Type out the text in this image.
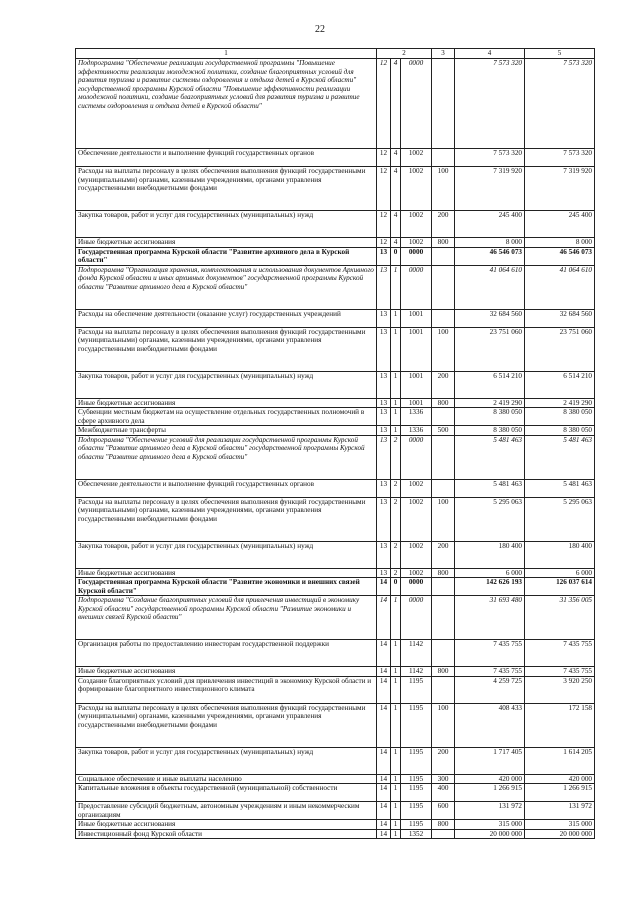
22
1	2			3	4	5
Подпрограмма "Обеспечение реализации государственной программы "Повышение эффективности реализации молодежной политики, создание благоприятных условий для развития туризма и развитие системы оздоровления и отдыха детей в Курской области" государственной программы Курской области "Повышение эффективности реализации молодежной политики, создание благоприятных условий для развития туризма и развитие системы оздоровления и отдыха детей в Курской области"	12	4	0000		7 573 320	7 573 320
Обеспечение деятельности и выполнение функций государственных органов	12	4	1002		7 573 320	7 573 320
Расходы на выплаты персоналу в целях обеспечения выполнения функций государственными (муниципальными) органами, казенными учреждениями, органами управления государственными внебюджетными фондами	12	4	1002	100	7 319 920	7 319 920
Закупка товаров, работ и услуг для государственных (муниципальных) нужд	12	4	1002	200	245 400	245 400
Иные бюджетные ассигнования	12	4	1002	800	8 000	8 000
Государственная программа Курской области "Развитие архивного дела в Курской области"	13	0	0000		46 546 073	46 546 073
Подпрограмма "Организация хранения, комплектования и использования документов Архивного фонда Курской области и иных архивных документов" государственной программы Курской области "Развитие архивного дела в Курской области"	13	1	0000		41 064 610	41 064 610
Расходы на обеспечение деятельности (оказание услуг) государственных учреждений	13	1	1001		32 684 560	32 684 560
Расходы на выплаты персоналу в целях обеспечения выполнения функций государственными (муниципальными) органами, казенными учреждениями, органами управления государственными внебюджетными фондами	13	1	1001	100	23 751 060	23 751 060
Закупка товаров, работ и услуг для государственных (муниципальных) нужд	13	1	1001	200	6 514 210	6 514 210
Иные бюджетные ассигнования	13	1	1001	800	2 419 290	2 419 290
Субвенции местным бюджетам на осуществление отдельных государственных полномочий в сфере архивного дела	13	1	1336		8 380 050	8 380 050
Межбюджетные трансферты	13	1	1336	500	8 380 050	8 380 050
Подпрограмма "Обеспечение условий для реализации государственной программы Курской области "Развитие архивного дела в Курской области" государственной программы Курской области "Развитие архивного дела в Курской области"	13	2	0000		5 481 463	5 481 463
Обеспечение деятельности и выполнение функций государственных органов	13	2	1002		5 481 463	5 481 463
Расходы на выплаты персоналу в целях обеспечения выполнения функций государственными (муниципальными) органами, казенными учреждениями, органами управления государственными внебюджетными фондами	13	2	1002	100	5 295 063	5 295 063
Закупка товаров, работ и услуг для государственных (муниципальных) нужд	13	2	1002	200	180 400	180 400
Иные бюджетные ассигнования	13	2	1002	800	6 000	6 000
Государственная программа Курской области "Развитие экономики и внешних связей Курской области"	14	0	0000		142 626 193	126 037 614
Подпрограмма "Создание благоприятных условий для привлечения инвестиций в экономику Курской области" государственной программы Курской области "Развитие экономики и внешних связей Курской области"	14	1	0000		31 693 480	31 356 005
Организация работы по предоставлению инвесторам государственной поддержки	14	1	1142		7 435 755	7 435 755
Иные бюджетные ассигнования	14	1	1142	800	7 435 755	7 435 755
Создание благоприятных условий для привлечения инвестиций в экономику Курской области и формирование благоприятного инвестиционного климата	14	1	1195		4 259 725	3 920 250
Расходы на выплаты персоналу в целях обеспечения выполнения функций государственными (муниципальными) органами, казенными учреждениями, органами управления государственными внебюджетными фондами	14	1	1195	100	408 433	172 158
Закупка товаров, работ и услуг для государственных (муниципальных) нужд	14	1	1195	200	1 717 405	1 614 205
Социальное обеспечение и иные выплаты населению	14	1	1195	300	420 000	420 000
Капитальные вложения в объекты государственной (муниципальной) собственности	14	1	1195	400	1 266 915	1 266 915
Предоставление субсидий бюджетным, автономным учреждениям и иным некоммерческим организациям	14	1	1195	600	131 972	131 972
Иные бюджетные ассигнования	14	1	1195	800	315 000	315 000
Инвестиционный фонд Курской области	14	1	1352		20 000 000	20 000 000
